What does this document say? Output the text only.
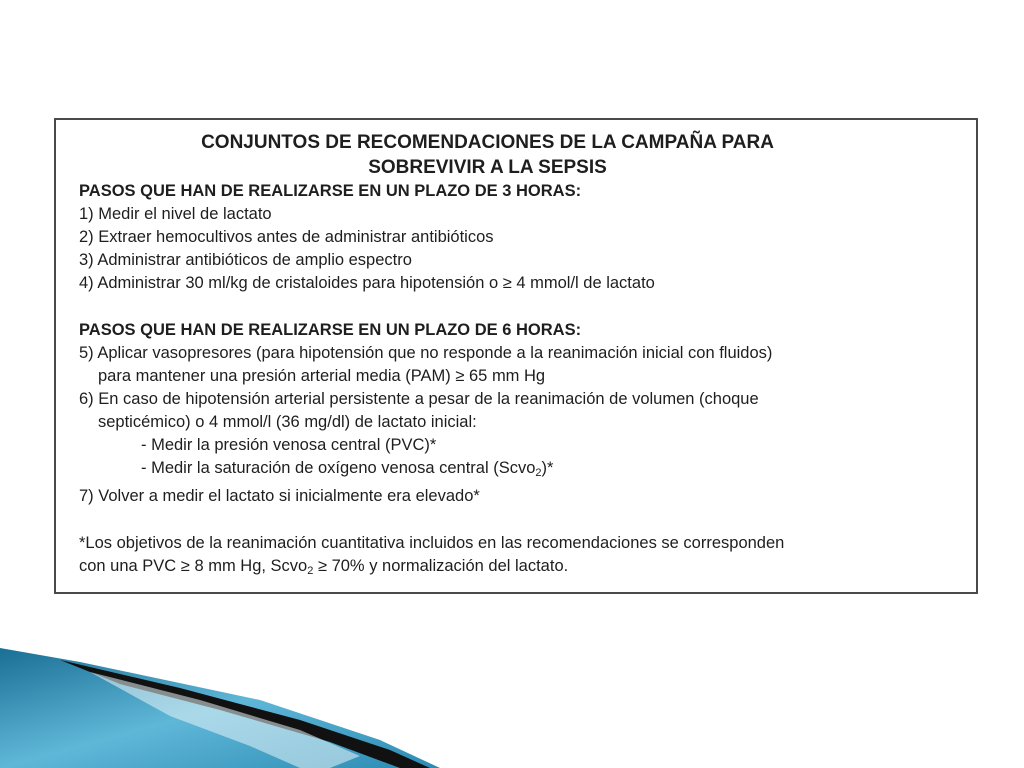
CONJUNTOS DE RECOMENDACIONES DE LA CAMPAÑA PARA
SOBREVIVIR A LA SEPSIS
PASOS QUE HAN DE REALIZARSE EN UN PLAZO DE 3 HORAS:
1) Medir el nivel de lactato
2) Extraer hemocultivos antes de administrar antibióticos
3) Administrar antibióticos de amplio espectro
4) Administrar 30 ml/kg de cristaloides para hipotensión o ≥ 4 mmol/l de lactato
PASOS QUE HAN DE REALIZARSE EN UN PLAZO DE 6 HORAS:
5) Aplicar vasopresores (para hipotensión que no responde a la reanimación inicial con fluidos)
para mantener una presión arterial media (PAM) ≥ 65 mm Hg
6) En caso de hipotensión arterial persistente a pesar de la reanimación de volumen (choque
septicémico) o 4 mmol/l (36 mg/dl) de lactato inicial:
- Medir la presión venosa central (PVC)*
- Medir la saturación de oxígeno venosa central (Scvo$_2$)*
7) Volver a medir el lactato si inicialmente era elevado*
*Los objetivos de la reanimación cuantitativa incluidos en las recomendaciones se corresponden
con una PVC ≥ 8 mm Hg, Scvo$_2$ ≥ 70% y normalización del lactato.
